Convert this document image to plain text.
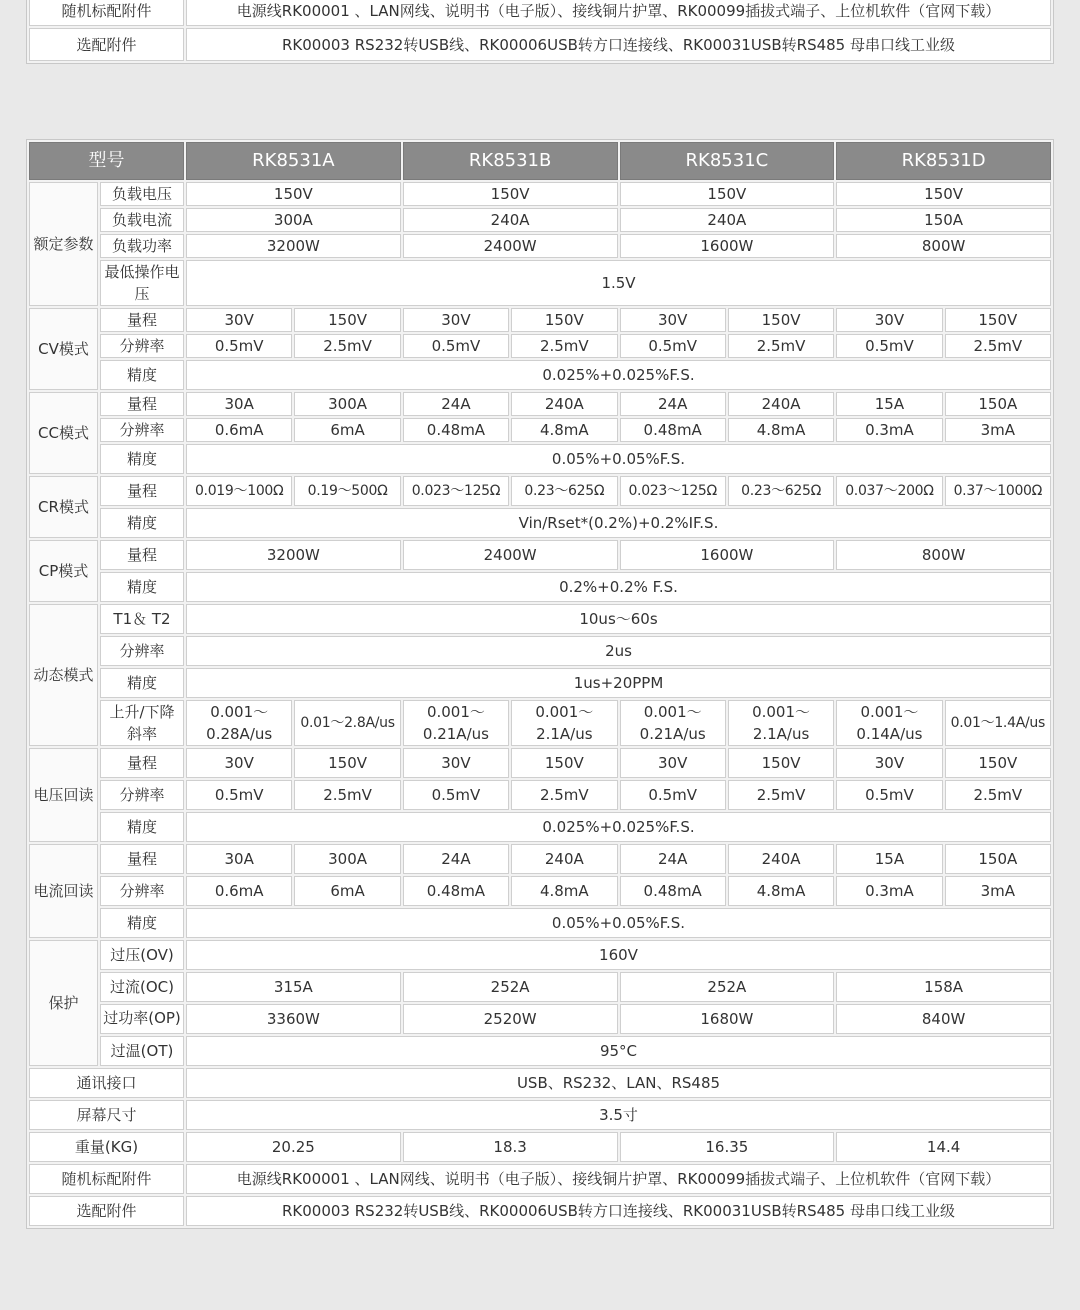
随机标配附件	电源线RK00001 、LAN网线、说明书（电子版）、接线铜片护罩、RK00099插拔式端子、上位机软件（官网下载）
选配附件	RK00003 RS232转USB线、RK00006USB转方口连接线、RK00031USB转RS485 母串口线工业级
型号		RK8531A		RK8531B		RK8531C		RK8531D	
额定参数	负载电压	150V		150V		150V		150V	
	负载电流	300A		240A		240A		150A	
	负载功率	3200W		2400W		1600W		800W	
	最低操作电压	1.5V							
CV模式	量程	30V	150V	30V	150V	30V	150V	30V	150V
	分辨率	0.5mV	2.5mV	0.5mV	2.5mV	0.5mV	2.5mV	0.5mV	2.5mV
	精度	0.025%+0.025%F.S.							
CC模式	量程	30A	300A	24A	240A	24A	240A	15A	150A
	分辨率	0.6mA	6mA	0.48mA	4.8mA	0.48mA	4.8mA	0.3mA	3mA
	精度	0.05%+0.05%F.S.							
CR模式	量程	0.019～100Ω	0.19～500Ω	0.023～125Ω	0.23～625Ω	0.023～125Ω	0.23～625Ω	0.037～200Ω	0.37～1000Ω
	精度	Vin/Rset*(0.2%)+0.2%IF.S.							
CP模式	量程	3200W		2400W		1600W		800W	
	精度	0.2%+0.2% F.S.							
动态模式	T1＆ T2	10us～60s							
	分辨率	2us							
	精度	1us+20PPM							
	上升/下降斜率	0.001～0.28A/us	0.01～2.8A/us	0.001～0.21A/us	0.001～2.1A/us	0.001～0.21A/us	0.001～2.1A/us	0.001～0.14A/us	0.01～1.4A/us
电压回读	量程	30V	150V	30V	150V	30V	150V	30V	150V
	分辨率	0.5mV	2.5mV	0.5mV	2.5mV	0.5mV	2.5mV	0.5mV	2.5mV
	精度	0.025%+0.025%F.S.							
电流回读	量程	30A	300A	24A	240A	24A	240A	15A	150A
	分辨率	0.6mA	6mA	0.48mA	4.8mA	0.48mA	4.8mA	0.3mA	3mA
	精度	0.05%+0.05%F.S.							
保护	过压(OV)	160V							
	过流(OC)	315A		252A		252A		158A	
	过功率(OP)	3360W		2520W		1680W		840W	
	过温(OT)	95°C							
通讯接口		USB、RS232、LAN、RS485							
屏幕尺寸		3.5寸							
重量(KG)		20.25		18.3		16.35		14.4	
随机标配附件		电源线RK00001 、LAN网线、说明书（电子版）、接线铜片护罩、RK00099插拔式端子、上位机软件（官网下载）							
选配附件		RK00003 RS232转USB线、RK00006USB转方口连接线、RK00031USB转RS485 母串口线工业级							
